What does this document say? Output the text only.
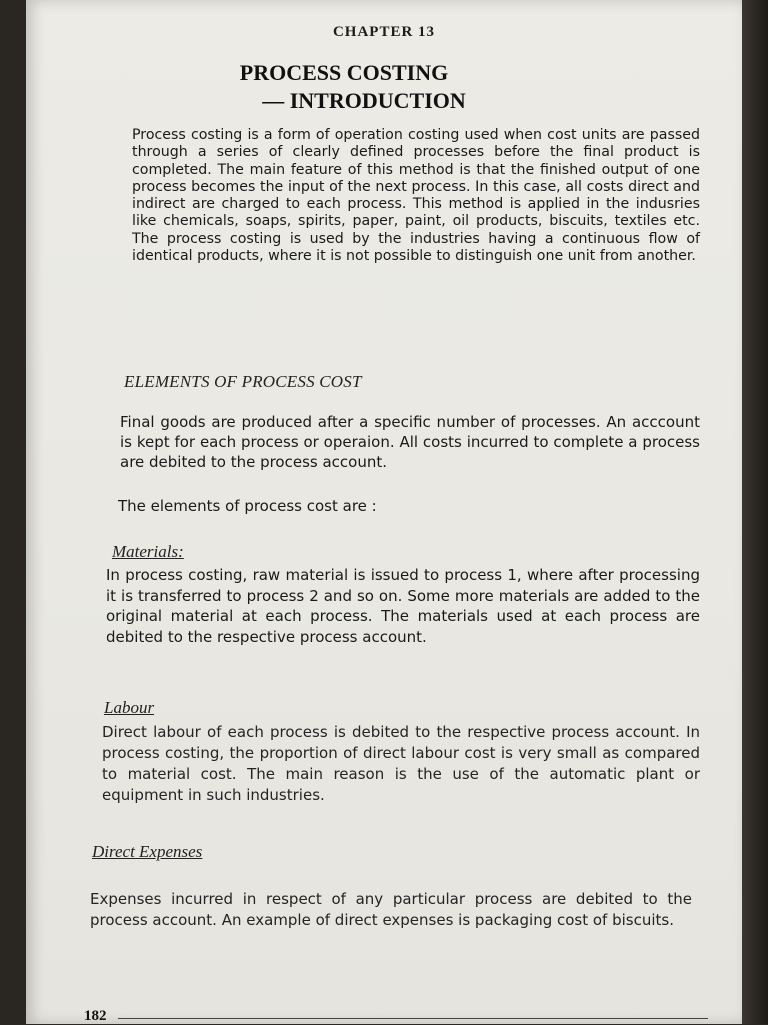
CHAPTER 13
PROCESS COSTING
— INTRODUCTION

Process costing is a form of operation costing used when cost units are passed through a series of clearly defined processes before the final product is completed. The main feature of this method is that the finished output of one process becomes the input of the next process. In this case, all costs direct and indirect are charged to each process. This method is applied in the indusries like chemicals, soaps, spirits, paper, paint, oil products, biscuits, textiles etc. The process costing is used by the industries having a continuous flow of identical products, where it is not possible to distinguish one unit from another.

ELEMENTS OF PROCESS COST

Final goods are produced after a specific number of processes. An acccount is kept for each process or operaion. All costs incurred to complete a process are debited to the process account.

The elements of process cost are :

Materials:

In process costing, raw material is issued to process 1, where after processing it is transferred to process 2 and so on. Some more materials are added to the original material at each process. The materials used at each process are debited to the respective process account.

Labour

Direct labour of each process is debited to the respective process account. In process costing, the proportion of direct labour cost is very small as compared to material cost. The main reason is the use of the automatic plant or equipment in such industries.

Direct Expenses

Expenses incurred in respect of any particular process are debited to the process account. An example of direct expenses is packaging cost of biscuits.

182
